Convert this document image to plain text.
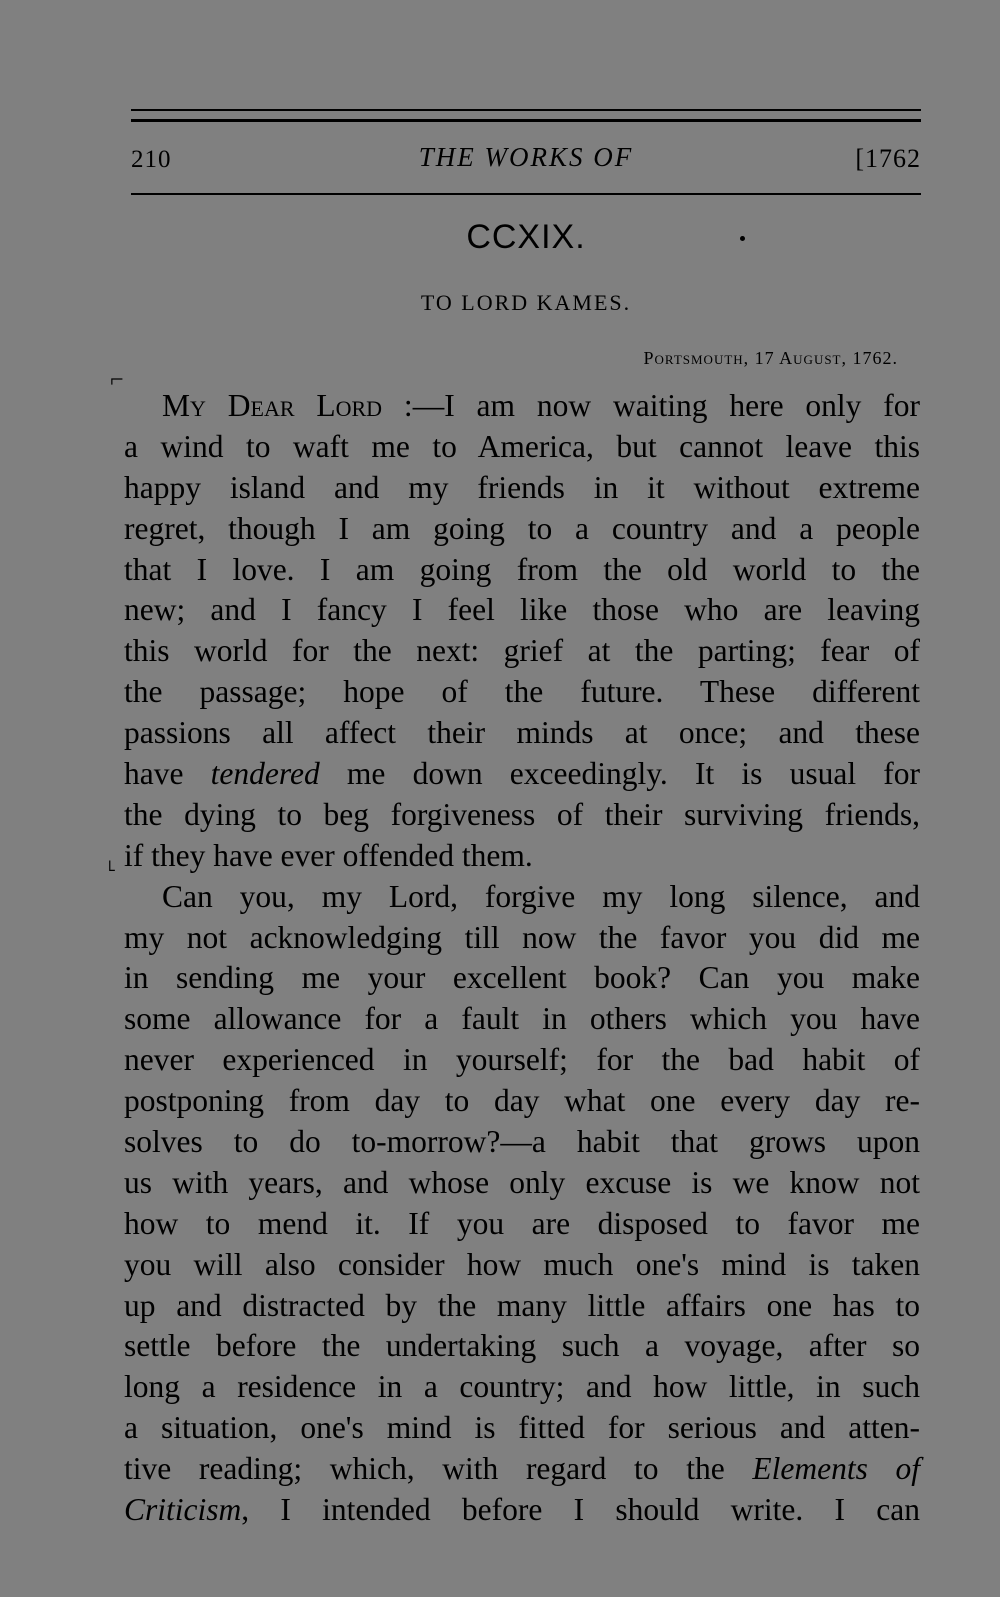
210	THE WORKS OF	[1762
CCXIX.
TO LORD KAMES.
Portsmouth, 17 August, 1762.
⌐
˪
My Dear Lord :—I am now waiting here only for
a wind to waft me to America, but cannot leave this
happy island and my friends in it without extreme
regret, though I am going to a country and a people
that I love. I am going from the old world to the
new; and I fancy I feel like those who are leaving
this world for the next: grief at the parting; fear of
the passage; hope of the future. These different
passions all affect their minds at once; and these
have tendered me down exceedingly. It is usual for
the dying to beg forgiveness of their surviving friends,
if they have ever offended them.
Can you, my Lord, forgive my long silence, and
my not acknowledging till now the favor you did me
in sending me your excellent book? Can you make
some allowance for a fault in others which you have
never experienced in yourself; for the bad habit of
postponing from day to day what one every day re-
solves to do to-morrow?—a habit that grows upon
us with years, and whose only excuse is we know not
how to mend it. If you are disposed to favor me
you will also consider how much one's mind is taken
up and distracted by the many little affairs one has to
settle before the undertaking such a voyage, after so
long a residence in a country; and how little, in such
a situation, one's mind is fitted for serious and atten-
tive reading; which, with regard to the Elements of
Criticism, I intended before I should write. I can
